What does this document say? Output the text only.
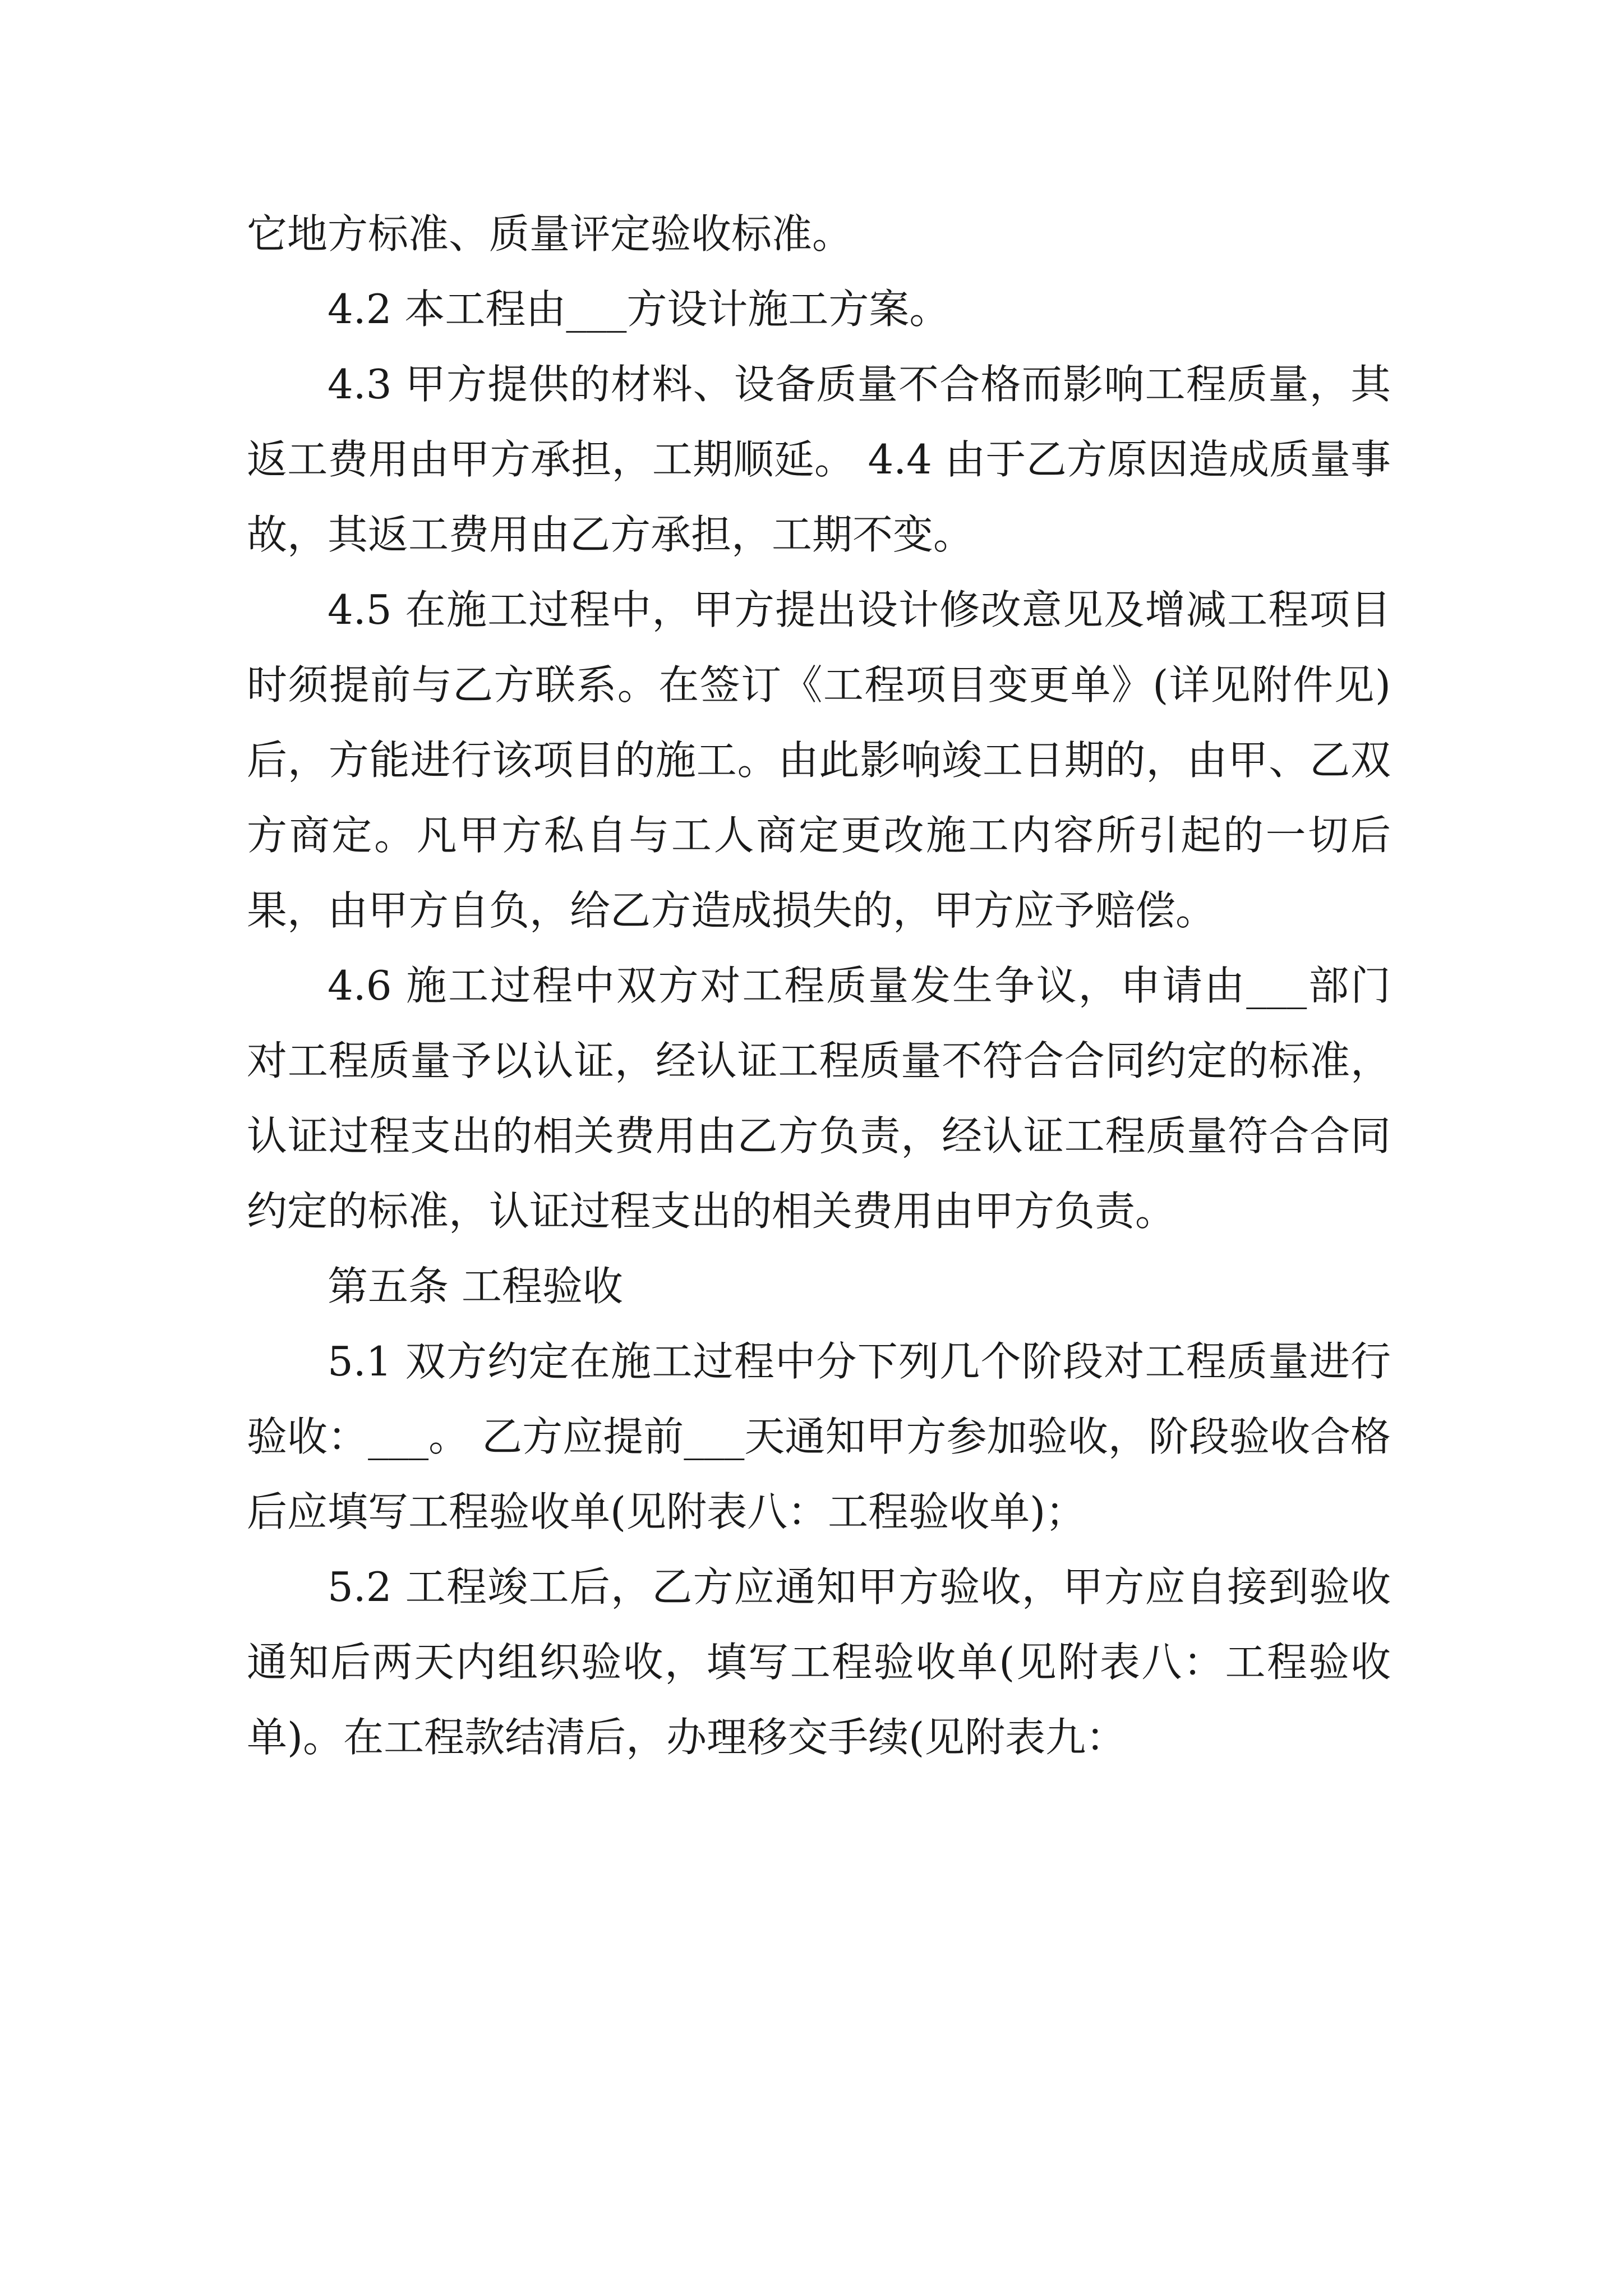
它地方标准、质量评定验收标准。

4.2 本工程由___方设计施工方案。

4.3 甲方提供的材料、设备质量不合格而影响工程质量，其返工费用由甲方承担，工期顺延。 4.4 由于乙方原因造成质量事故，其返工费用由乙方承担，工期不变。

4.5 在施工过程中，甲方提出设计修改意见及增减工程项目时须提前与乙方联系。在签订《工程项目变更单》(详见附件见)后，方能进行该项目的施工。由此影响竣工日期的，由甲、乙双方商定。凡甲方私自与工人商定更改施工内容所引起的一切后果，由甲方自负，给乙方造成损失的，甲方应予赔偿。

4.6 施工过程中双方对工程质量发生争议，申请由___部门对工程质量予以认证，经认证工程质量不符合合同约定的标准，认证过程支出的相关费用由乙方负责，经认证工程质量符合合同约定的标准，认证过程支出的相关费用由甲方负责。

第五条 工程验收

5.1 双方约定在施工过程中分下列几个阶段对工程质量进行验收：___。 乙方应提前___天通知甲方参加验收，阶段验收合格后应填写工程验收单(见附表八：工程验收单)；

5.2 工程竣工后，乙方应通知甲方验收，甲方应自接到验收通知后两天内组织验收，填写工程验收单(见附表八：工程验收单)。在工程款结清后，办理移交手续(见附表九：
